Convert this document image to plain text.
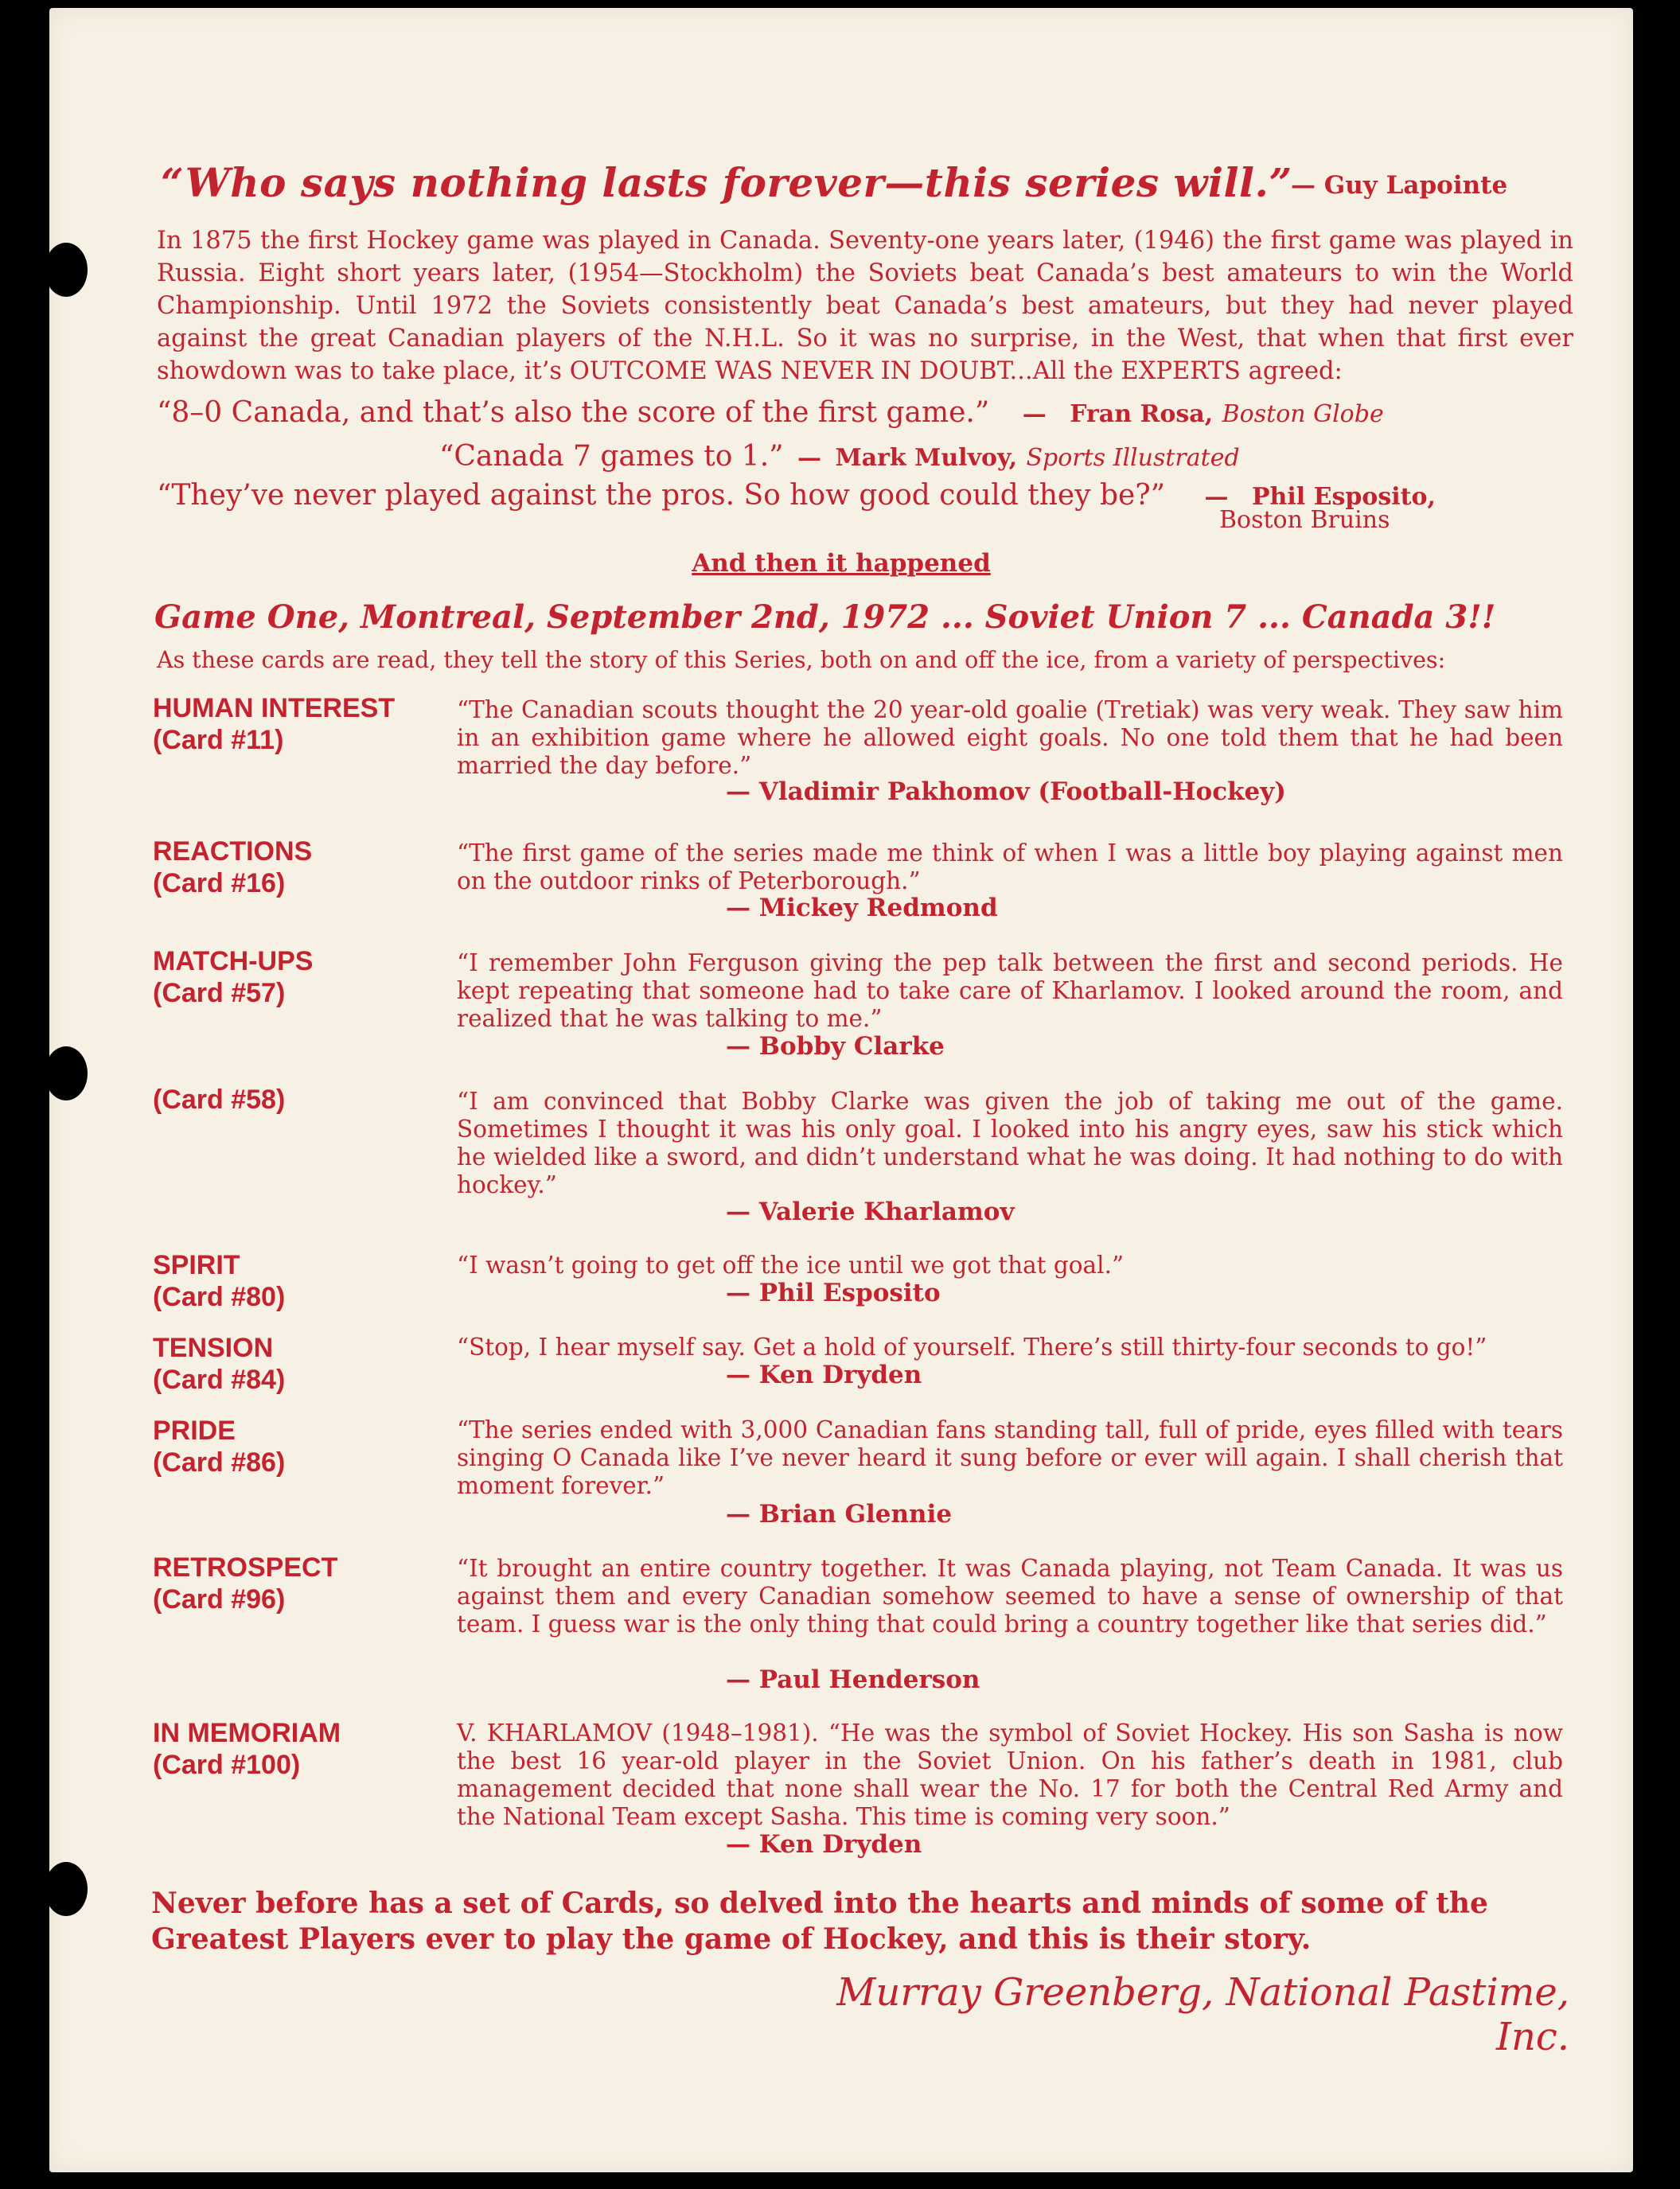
“Who says nothing lasts forever—this series will.”
— Guy Lapointe
In 1875 the first Hockey game was played in Canada. Seventy-one years later, (1946) the first game was played in Russia. Eight short years later, (1954—Stockholm) the Soviets beat Canada’s best amateurs to win the World Championship. Until 1972 the Soviets consistently beat Canada’s best amateurs, but they had never played against the great Canadian players of the N.H.L. So it was no surprise, in the West, that when that first ever showdown was to take place, it’s OUTCOME WAS NEVER IN DOUBT...All the EXPERTS agreed:
“8–0 Canada, and that’s also the score of the first game.” — Fran Rosa, Boston Globe
“Canada 7 games to 1.” — Mark Mulvoy, Sports Illustrated
“They’ve never played against the pros. So how good could they be?” — Phil Esposito,
Boston Bruins
And then it happened
Game One, Montreal, September 2nd, 1972 ... Soviet Union 7 ... Canada 3!!
As these cards are read, they tell the story of this Series, both on and off the ice, from a variety of perspectives:
HUMAN INTEREST
(Card #11)
“The Canadian scouts thought the 20 year-old goalie (Tretiak) was very weak. They saw him in an exhibition game where he allowed eight goals. No one told them that he had been married the day before.”
— Vladimir Pakhomov (Football-Hockey)
REACTIONS
(Card #16)
“The first game of the series made me think of when I was a little boy playing against men on the outdoor rinks of Peterborough.”
— Mickey Redmond
MATCH-UPS
(Card #57)
“I remember John Ferguson giving the pep talk between the first and second periods. He kept repeating that someone had to take care of Kharlamov. I looked around the room, and realized that he was talking to me.”
— Bobby Clarke
(Card #58)	“I am convinced that Bobby Clarke was given the job of taking me out of the game. Sometimes I thought it was his only goal. I looked into his angry eyes, saw his stick which he wielded like a sword, and didn’t understand what he was doing. It had nothing to do with hockey.”
— Valerie Kharlamov
SPIRIT
(Card #80)
“I wasn’t going to get off the ice until we got that goal.”
— Phil Esposito
TENSION
(Card #84)
“Stop, I hear myself say. Get a hold of yourself. There’s still thirty-four seconds to go!”
— Ken Dryden
PRIDE
(Card #86)
“The series ended with 3,000 Canadian fans standing tall, full of pride, eyes filled with tears singing O Canada like I’ve never heard it sung before or ever will again. I shall cherish that moment forever.”
— Brian Glennie
RETROSPECT
(Card #96)
“It brought an entire country together. It was Canada playing, not Team Canada. It was us against them and every Canadian somehow seemed to have a sense of ownership of that team. I guess war is the only thing that could bring a country together like that series did.”
— Paul Henderson
IN MEMORIAM
(Card #100)
V. KHARLAMOV (1948–1981). “He was the symbol of Soviet Hockey. His son Sasha is now the best 16 year-old player in the Soviet Union. On his father’s death in 1981, club management decided that none shall wear the No. 17 for both the Central Red Army and the National Team except Sasha. This time is coming very soon.”
— Ken Dryden
Never before has a set of Cards, so delved into the hearts and minds of some of the Greatest Players ever to play the game of Hockey, and this is their story.
Murray Greenberg, National Pastime, Inc.
